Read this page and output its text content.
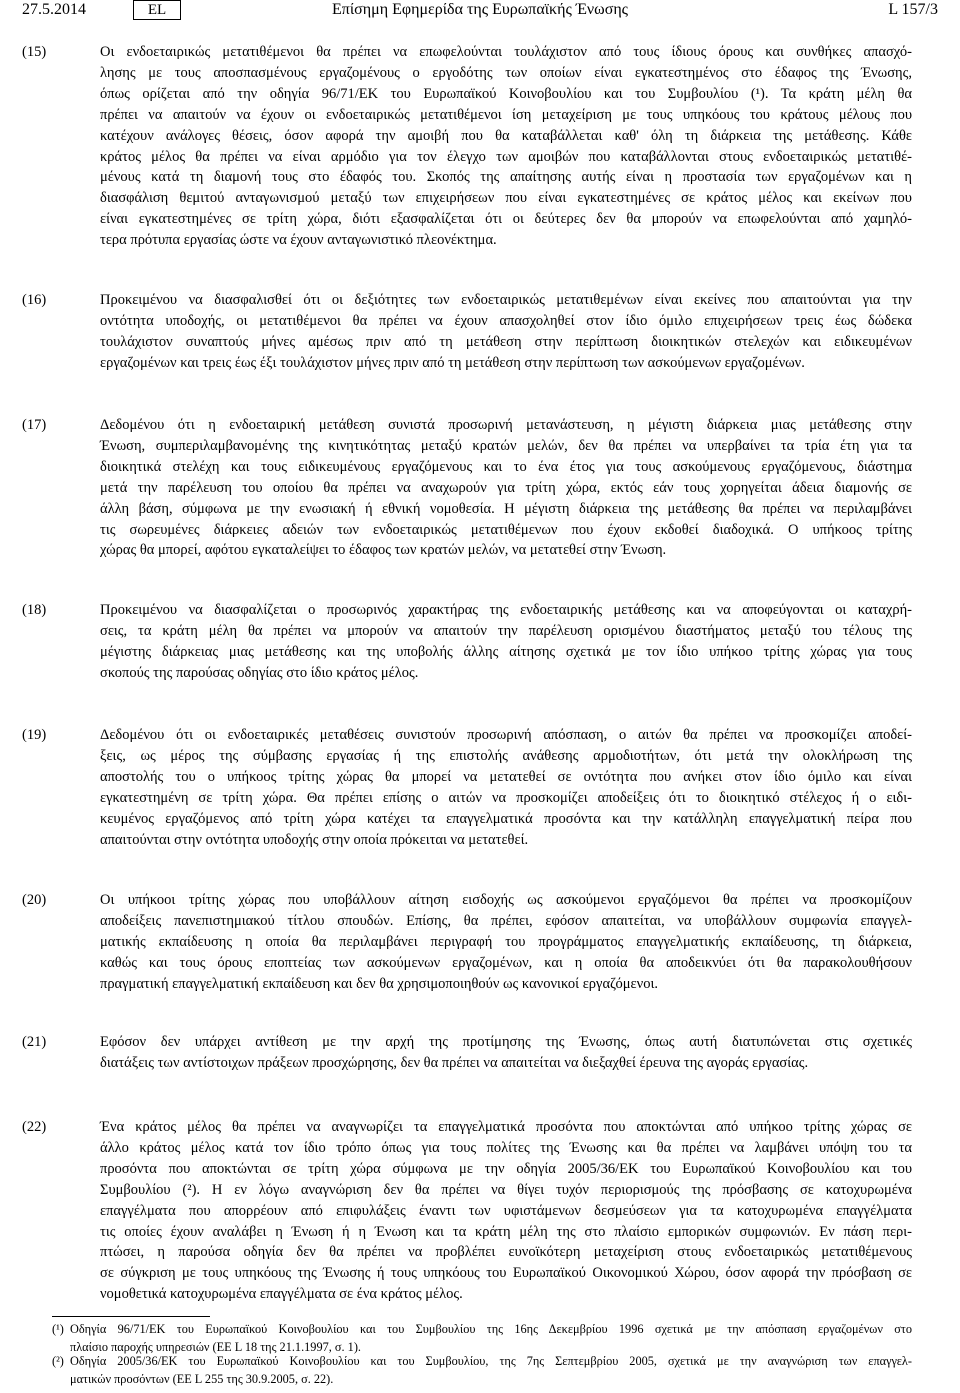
Επίσημη Εφημερίδα της Ευρωπαϊκής Ένωσης
27.5.2014	EL	L 157/3
(15)	Οι ενδοεταιρικώς μετατιθέμενοι θα πρέπει να επωφελούνται τουλάχιστον από τους ίδιους όρους και συνθήκες απασχό-
λησης με τους αποσπασμένους εργαζομένους ο εργοδότης των οποίων είναι εγκατεστημένος στο έδαφος της Ένωσης,
όπως ορίζεται από την οδηγία 96/71/ΕΚ του Ευρωπαϊκού Κοινοβουλίου και του Συμβουλίου (¹). Τα κράτη μέλη θα
πρέπει να απαιτούν να έχουν οι ενδοεταιρικώς μετατιθέμενοι ίση μεταχείριση με τους υπηκόους του κράτους μέλους που
κατέχουν ανάλογες θέσεις, όσον αφορά την αμοιβή που θα καταβάλλεται καθ' όλη τη διάρκεια της μετάθεσης. Κάθε
κράτος μέλος θα πρέπει να είναι αρμόδιο για τον έλεγχο των αμοιβών που καταβάλλονται στους ενδοεταιρικώς μετατιθέ-
μένους κατά τη διαμονή τους στο έδαφός του. Σκοπός της απαίτησης αυτής είναι η προστασία των εργαζομένων και η
διασφάλιση θεμιτού ανταγωνισμού μεταξύ των επιχειρήσεων που είναι εγκατεστημένες σε κράτος μέλος και εκείνων που
είναι εγκατεστημένες σε τρίτη χώρα, διότι εξασφαλίζεται ότι οι δεύτερες δεν θα μπορούν να επωφελούνται από χαμηλό-
τερα πρότυπα εργασίας ώστε να έχουν ανταγωνιστικό πλεονέκτημα.
(16)	Προκειμένου να διασφαλισθεί ότι οι δεξιότητες των ενδοεταιρικώς μετατιθεμένων είναι εκείνες που απαιτούνται για την
οντότητα υποδοχής, οι μετατιθέμενοι θα πρέπει να έχουν απασχοληθεί στον ίδιο όμιλο επιχειρήσεων τρεις έως δώδεκα
τουλάχιστον συναπτούς μήνες αμέσως πριν από τη μετάθεση στην περίπτωση διοικητικών στελεχών και ειδικευμένων
εργαζομένων και τρεις έως έξι τουλάχιστον μήνες πριν από τη μετάθεση στην περίπτωση των ασκούμενων εργαζομένων.
(17)	Δεδομένου ότι η ενδοεταιρική μετάθεση συνιστά προσωρινή μετανάστευση, η μέγιστη διάρκεια μιας μετάθεσης στην
Ένωση, συμπεριλαμβανομένης της κινητικότητας μεταξύ κρατών μελών, δεν θα πρέπει να υπερβαίνει τα τρία έτη για τα
διοικητικά στελέχη και τους ειδικευμένους εργαζόμενους και το ένα έτος για τους ασκούμενους εργαζόμενους, διάστημα
μετά την παρέλευση του οποίου θα πρέπει να αναχωρούν για τρίτη χώρα, εκτός εάν τους χορηγείται άδεια διαμονής σε
άλλη βάση, σύμφωνα με την ενωσιακή ή εθνική νομοθεσία. Η μέγιστη διάρκεια της μετάθεσης θα πρέπει να περιλαμβάνει
τις σωρευμένες διάρκειες αδειών των ενδοεταιρικώς μετατιθέμενων που έχουν εκδοθεί διαδοχικά. Ο υπήκοος τρίτης
χώρας θα μπορεί, αφότου εγκαταλείψει το έδαφος των κρατών μελών, να μετατεθεί στην Ένωση.
(18)	Προκειμένου να διασφαλίζεται ο προσωρινός χαρακτήρας της ενδοεταιρικής μετάθεσης και να αποφεύγονται οι καταχρή-
σεις, τα κράτη μέλη θα πρέπει να μπορούν να απαιτούν την παρέλευση ορισμένου διαστήματος μεταξύ του τέλους της
μέγιστης διάρκειας μιας μετάθεσης και της υποβολής άλλης αίτησης σχετικά με τον ίδιο υπήκοο τρίτης χώρας για τους
σκοπούς της παρούσας οδηγίας στο ίδιο κράτος μέλος.
(19)	Δεδομένου ότι οι ενδοεταιρικές μεταθέσεις συνιστούν προσωρινή απόσπαση, ο αιτών θα πρέπει να προσκομίζει αποδεί-
ξεις, ως μέρος της σύμβασης εργασίας ή της επιστολής ανάθεσης αρμοδιοτήτων, ότι μετά την ολοκλήρωση της
αποστολής του ο υπήκοος τρίτης χώρας θα μπορεί να μετατεθεί σε οντότητα που ανήκει στον ίδιο όμιλο και είναι
εγκατεστημένη σε τρίτη χώρα. Θα πρέπει επίσης ο αιτών να προσκομίζει αποδείξεις ότι το διοικητικό στέλεχος ή ο ειδι-
κευμένος εργαζόμενος από τρίτη χώρα κατέχει τα επαγγελματικά προσόντα και την κατάλληλη επαγγελματική πείρα που
απαιτούνται στην οντότητα υποδοχής στην οποία πρόκειται να μετατεθεί.
(20)	Οι υπήκοοι τρίτης χώρας που υποβάλλουν αίτηση εισδοχής ως ασκούμενοι εργαζόμενοι θα πρέπει να προσκομίζουν
αποδείξεις πανεπιστημιακού τίτλου σπουδών. Επίσης, θα πρέπει, εφόσον απαιτείται, να υποβάλλουν συμφωνία επαγγελ-
ματικής εκπαίδευσης η οποία θα περιλαμβάνει περιγραφή του προγράμματος επαγγελματικής εκπαίδευσης, τη διάρκεια,
καθώς και τους όρους εποπτείας των ασκούμενων εργαζομένων, και η οποία θα αποδεικνύει ότι θα παρακολουθήσουν
πραγματική επαγγελματική εκπαίδευση και δεν θα χρησιμοποιηθούν ως κανονικοί εργαζόμενοι.
(21)	Εφόσον δεν υπάρχει αντίθεση με την αρχή της προτίμησης της Ένωσης, όπως αυτή διατυπώνεται στις σχετικές
διατάξεις των αντίστοιχων πράξεων προσχώρησης, δεν θα πρέπει να απαιτείται να διεξαχθεί έρευνα της αγοράς εργασίας.
(22)	Ένα κράτος μέλος θα πρέπει να αναγνωρίζει τα επαγγελματικά προσόντα που αποκτώνται από υπήκοο τρίτης χώρας σε
άλλο κράτος μέλος κατά τον ίδιο τρόπο όπως για τους πολίτες της Ένωσης και θα πρέπει να λαμβάνει υπόψη του τα
προσόντα που αποκτώνται σε τρίτη χώρα σύμφωνα με την οδηγία 2005/36/ΕΚ του Ευρωπαϊκού Κοινοβουλίου και του
Συμβουλίου (²). Η εν λόγω αναγνώριση δεν θα πρέπει να θίγει τυχόν περιορισμούς της πρόσβασης σε κατοχυρωμένα
επαγγέλματα που απορρέουν από επιφυλάξεις έναντι των υφιστάμενων δεσμεύσεων για τα κατοχυρωμένα επαγγέλματα
τις οποίες έχουν αναλάβει η Ένωση ή η Ένωση και τα κράτη μέλη της στο πλαίσιο εμπορικών συμφωνιών. Εν πάση περι-
πτώσει, η παρούσα οδηγία δεν θα πρέπει να προβλέπει ευνοϊκότερη μεταχείριση στους ενδοεταιρικώς μετατιθέμενους
σε σύγκριση με τους υπηκόους της Ένωσης ή τους υπηκόους του Ευρωπαϊκού Οικονομικού Χώρου, όσον αφορά την πρόσβαση σε
νομοθετικά κατοχυρωμένα επαγγέλματα σε ένα κράτος μέλος.
(¹) Οδηγία 96/71/ΕΚ του Ευρωπαϊκού Κοινοβουλίου και του Συμβουλίου της 16ης Δεκεμβρίου 1996 σχετικά με την απόσπαση εργαζομένων στο
πλαίσιο παροχής υπηρεσιών (ΕΕ L 18 της 21.1.1997, σ. 1).
(²) Οδηγία 2005/36/ΕΚ του Ευρωπαϊκού Κοινοβουλίου και του Συμβουλίου, της 7ης Σεπτεμβρίου 2005, σχετικά με την αναγνώριση των επαγγελ-
ματικών προσόντων (ΕΕ L 255 της 30.9.2005, σ. 22).
